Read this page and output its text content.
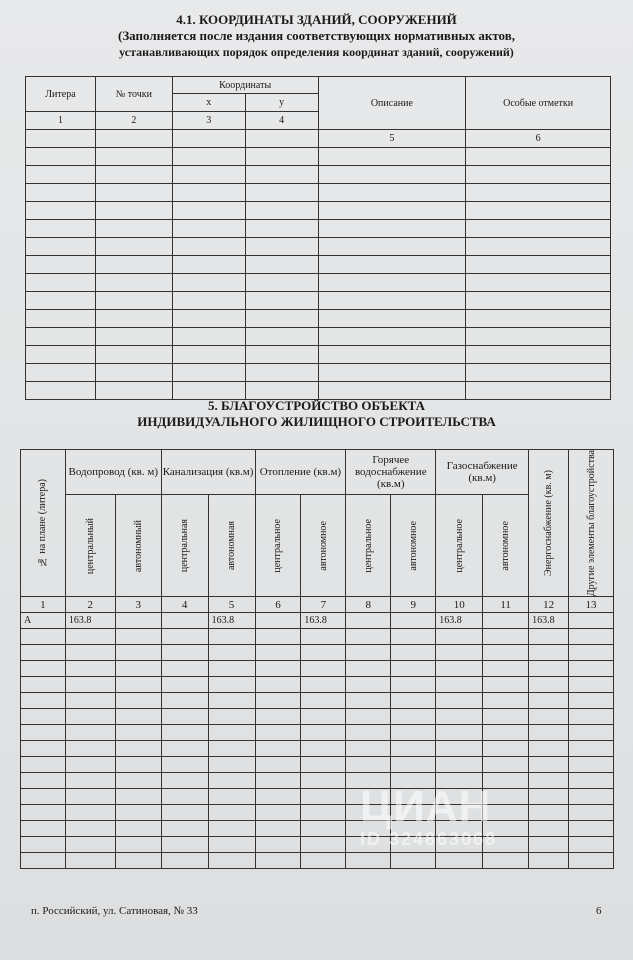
4.1. КООРДИНАТЫ ЗДАНИЙ, СООРУЖЕНИЙ
(Заполняется после издания соответствующих нормативных актов,
устанавливающих порядок определения координат зданий, сооружений)
Литера	№ точки	Координаты		Описание	Особые отметки
		x	y		
1	2	3	4		
				5	6

5. БЛАГОУСТРОЙСТВО ОБЪЕКТА
ИНДИВИДУАЛЬНОГО ЖИЛИЩНОГО СТРОИТЕЛЬСТВА
№ на плане (литера)	Водопровод (кв. м)		Канализация (кв.м)		Отопление (кв.м)		Горячее водоснабжение (кв.м)		Газоснабжение (кв.м)		Энергоснабжение (кв. м)	Другие элементы благоустройства

	центральный	автономный	центральная	автономная	центральное	автономное	центральное	автономное	центральное	автономное		

1	2	3	4	5	6	7	8	9	10	11	12	13
А	163.8			163.8		163.8			163.8		163.8	

ЦИАН
ID 324863068
п. Российский, ул. Сатиновая, № 33	6
